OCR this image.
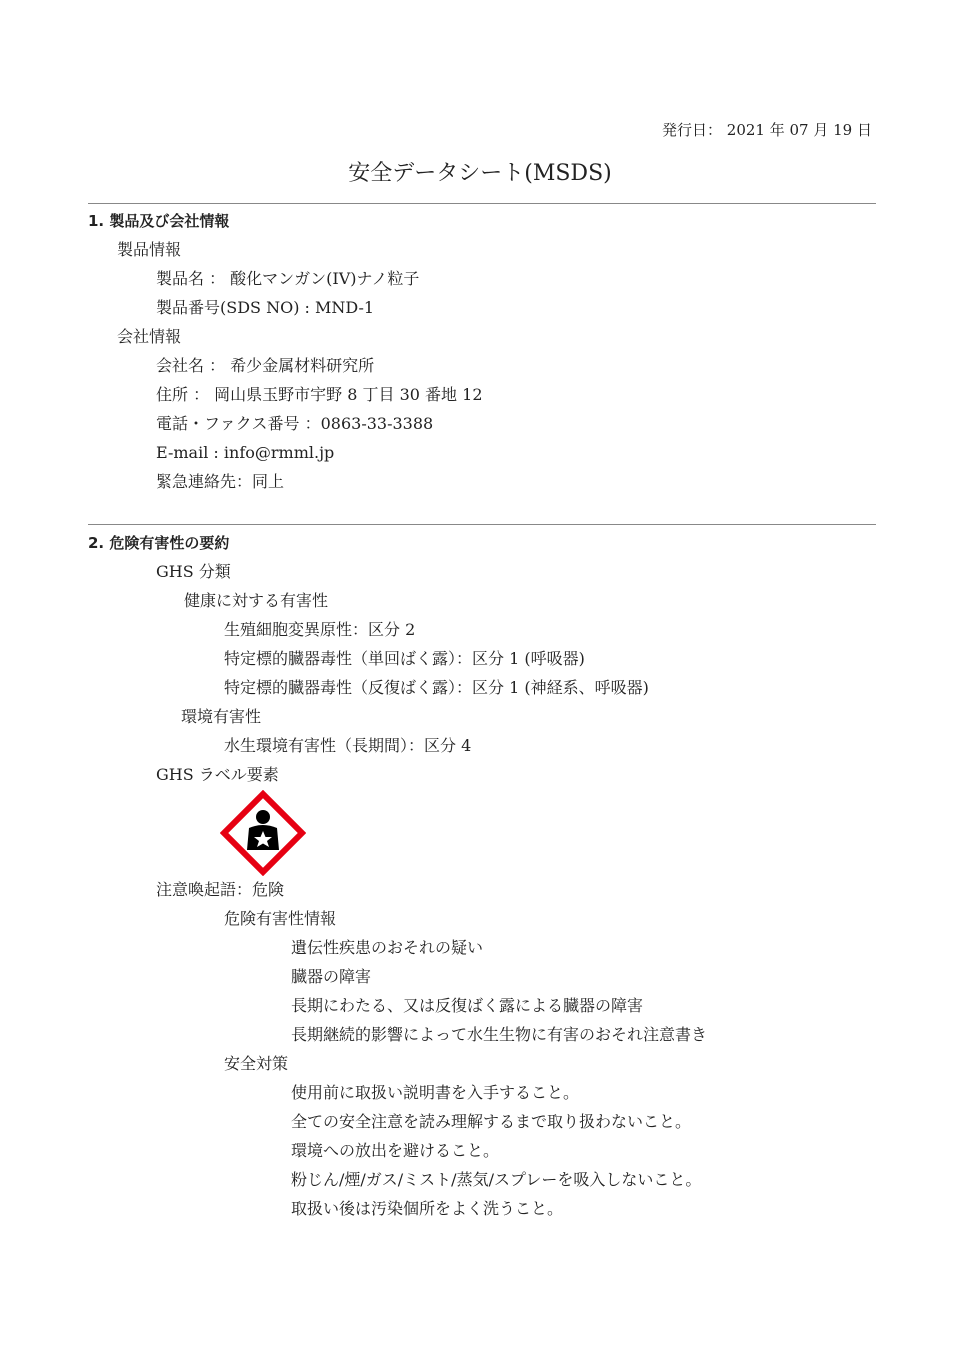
発行日： 2021 年 07 月 19 日
安全データシート(MSDS)
1. 製品及び会社情報
製品情報
製品名 ： 酸化マンガン(IV)ナノ粒子
製品番号(SDS NO) : MND-1
会社情報
会社名 ： 希少金属材料研究所
住所 ： 岡山県玉野市宇野 8 丁目 30 番地 12
電話・ファクス番号 ：0863-33-3388
E-mail : info@rmml.jp
緊急連絡先：同上
2. 危険有害性の要約
GHS 分類
健康に対する有害性
生殖細胞変異原性：区分 2
特定標的臓器毒性（単回ばく露）：区分 1 (呼吸器)
特定標的臓器毒性（反復ばく露）：区分 1 (神経系、呼吸器)
環境有害性
水生環境有害性（長期間）：区分 4
GHS ラベル要素
注意喚起語：危険
危険有害性情報
遺伝性疾患のおそれの疑い
臓器の障害
長期にわたる、又は反復ばく露による臓器の障害
長期継続的影響によって水生生物に有害のおそれ注意書き
安全対策
使用前に取扱い説明書を入手すること。
全ての安全注意を読み理解するまで取り扱わないこと。
環境への放出を避けること。
粉じん/煙/ガス/ミスト/蒸気/スプレーを吸入しないこと。
取扱い後は汚染個所をよく洗うこと。
